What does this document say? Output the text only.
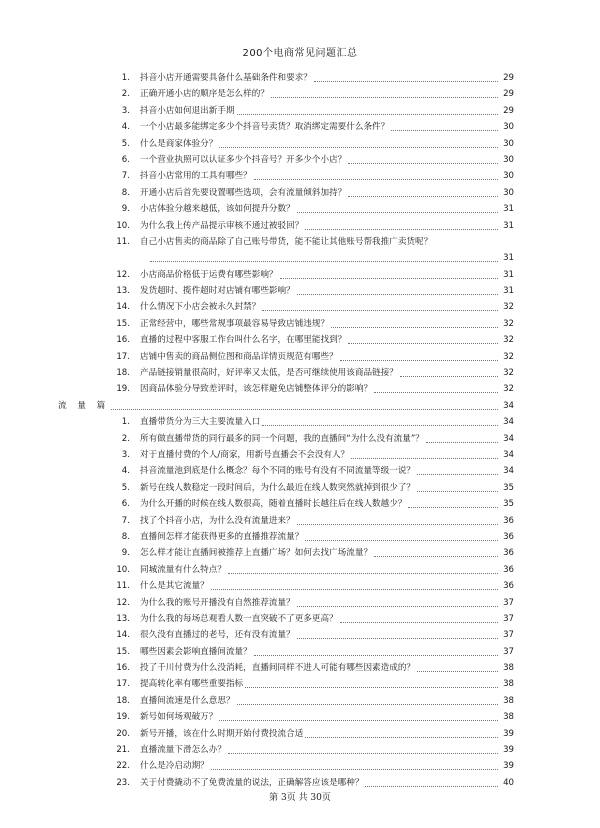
200个电商常见问题汇总
1.	抖音小店开通需要具备什么基础条件和要求？	29
2.	正确开通小店的顺序是怎么样的？	29
3.	抖音小店如何退出新手期	29
4.	一个小店最多能绑定多少个抖音号卖货？取消绑定需要什么条件？	30
5.	什么是商家体验分？	30
6.	一个营业执照可以认证多少个抖音号？开多少个小店？	30
7.	抖音小店常用的工具有哪些？	30
8.	开通小店后首先要设置哪些选项，会有流量倾斜加持？	30
9.	小店体验分越来越低，该如何提升分数？	31
10.	为什么我上传产品提示审核不通过被驳回？	31
11.	自己小店售卖的商品除了自己账号带货，能不能让其他账号帮我推广卖货呢？
31
12.	小店商品价格低于运费有哪些影响？	31
13.	发货超时、揽件超时对店铺有哪些影响？	31
14.	什么情况下小店会被永久封禁？	32
15.	正常经营中，哪些常规事项最容易导致店铺违规？	32
16.	直播的过程中客服工作台叫什么名字，在哪里能找到？	32
17.	店铺中售卖的商品侧位图和商品详情页规范有哪些？	32
18.	产品链接销量很高时，好评率又太低，是否可继续使用该商品链接？	32
19.	因商品体验分导致差评时，该怎样避免店铺整体评分的影响？	32
流 量 篇	34
1.	直播带货分为三大主要流量入口	34
2.	所有做直播带货的同行最多的同一个问题，我的直播间“为什么没有流量”？	34
3.	对于直播付费的个人/商家，用新号直播会不会没有人？	34
4.	抖音流量池到底是什么概念？每个不同的账号有没有不同流量等级一说？	34
5.	新号在线人数稳定一段时间后，为什么最近在线人数突然就掉到很少了？	35
6.	为什么开播的时候在线人数很高，随着直播时长越往后在线人数越少？	35
7.	找了个抖音小店，为什么没有流量进来？	36
8.	直播间怎样才能获得更多的直播推荐流量？	36
9.	怎么样才能让直播间被推荐上直播广场？如何去找广场流量？	36
10.	同城流量有什么特点？	36
11.	什么是其它流量？	36
12.	为什么我的账号开播没有自然推荐流量？	37
13.	为什么我的每场总观看人数一直突破不了更多更高？	37
14.	很久没有直播过的老号，还有没有流量？	37
15.	哪些因素会影响直播间流量？	37
16.	投了千川付费为什么没消耗，直播间同样不进人可能有哪些因素造成的？	38
17.	提高转化率有哪些重要指标	38
18.	直播间流速是什么意思？	38
19.	新号如何场观破万？	38
20.	新号开播，该在什么时期开始付费投流合适	39
21.	直播流量下滑怎么办？	39
22.	什么是冷启动期？	39
23.	关于付费撬动不了免费流量的说法，正确解答应该是哪种？	40
第 3页 共 30页
